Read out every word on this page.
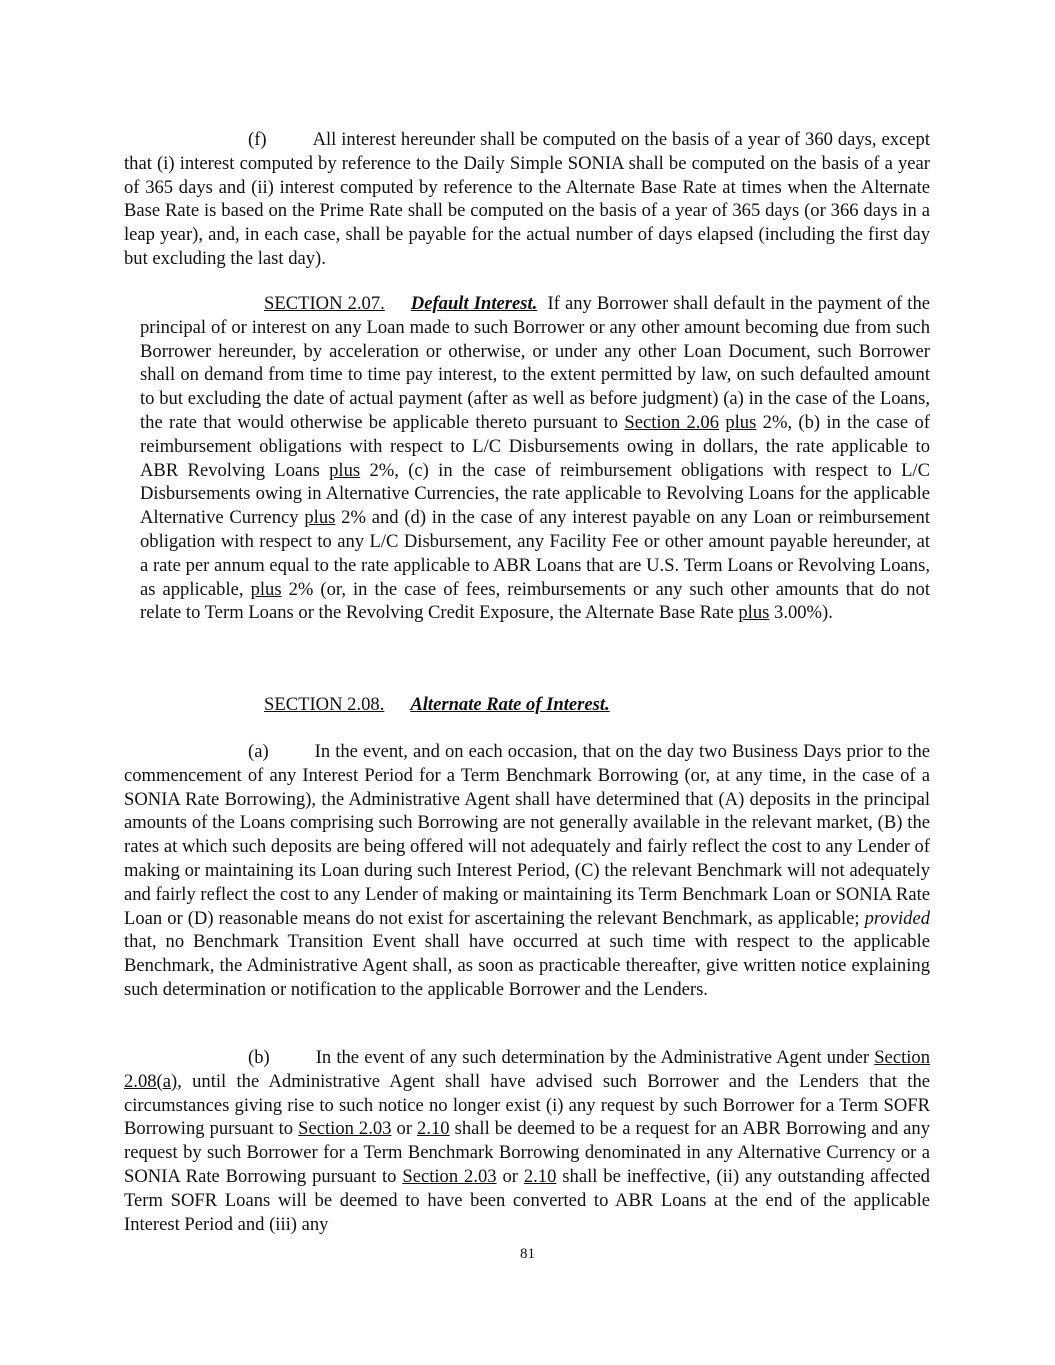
(f) All interest hereunder shall be computed on the basis of a year of 360 days, except that (i) interest computed by reference to the Daily Simple SONIA shall be computed on the basis of a year of 365 days and (ii) interest computed by reference to the Alternate Base Rate at times when the Alternate Base Rate is based on the Prime Rate shall be computed on the basis of a year of 365 days (or 366 days in a leap year), and, in each case, shall be payable for the actual number of days elapsed (including the first day but excluding the last day).

SECTION 2.07. Default Interest. If any Borrower shall default in the payment of the principal of or interest on any Loan made to such Borrower or any other amount becoming due from such Borrower hereunder, by acceleration or otherwise, or under any other Loan Document, such Borrower shall on demand from time to time pay interest, to the extent permitted by law, on such defaulted amount to but excluding the date of actual payment (after as well as before judgment) (a) in the case of the Loans, the rate that would otherwise be applicable thereto pursuant to Section 2.06 plus 2%, (b) in the case of reimbursement obligations with respect to L/C Disbursements owing in dollars, the rate applicable to ABR Revolving Loans plus 2%, (c) in the case of reimbursement obligations with respect to L/C Disbursements owing in Alternative Currencies, the rate applicable to Revolving Loans for the applicable Alternative Currency plus 2% and (d) in the case of any interest payable on any Loan or reimbursement obligation with respect to any L/C Disbursement, any Facility Fee or other amount payable hereunder, at a rate per annum equal to the rate applicable to ABR Loans that are U.S. Term Loans or Revolving Loans, as applicable, plus 2% (or, in the case of fees, reimbursements or any such other amounts that do not relate to Term Loans or the Revolving Credit Exposure, the Alternate Base Rate plus 3.00%).

SECTION 2.08. Alternate Rate of Interest.

(a) In the event, and on each occasion, that on the day two Business Days prior to the commencement of any Interest Period for a Term Benchmark Borrowing (or, at any time, in the case of a SONIA Rate Borrowing), the Administrative Agent shall have determined that (A) deposits in the principal amounts of the Loans comprising such Borrowing are not generally available in the relevant market, (B) the rates at which such deposits are being offered will not adequately and fairly reflect the cost to any Lender of making or maintaining its Loan during such Interest Period, (C) the relevant Benchmark will not adequately and fairly reflect the cost to any Lender of making or maintaining its Term Benchmark Loan or SONIA Rate Loan or (D) reasonable means do not exist for ascertaining the relevant Benchmark, as applicable; provided that, no Benchmark Transition Event shall have occurred at such time with respect to the applicable Benchmark, the Administrative Agent shall, as soon as practicable thereafter, give written notice explaining such determination or notification to the applicable Borrower and the Lenders.

(b) In the event of any such determination by the Administrative Agent under Section 2.08(a), until the Administrative Agent shall have advised such Borrower and the Lenders that the circumstances giving rise to such notice no longer exist (i) any request by such Borrower for a Term SOFR Borrowing pursuant to Section 2.03 or 2.10 shall be deemed to be a request for an ABR Borrowing and any request by such Borrower for a Term Benchmark Borrowing denominated in any Alternative Currency or a SONIA Rate Borrowing pursuant to Section 2.03 or 2.10 shall be ineffective, (ii) any outstanding affected Term SOFR Loans will be deemed to have been converted to ABR Loans at the end of the applicable Interest Period and (iii) any

81
